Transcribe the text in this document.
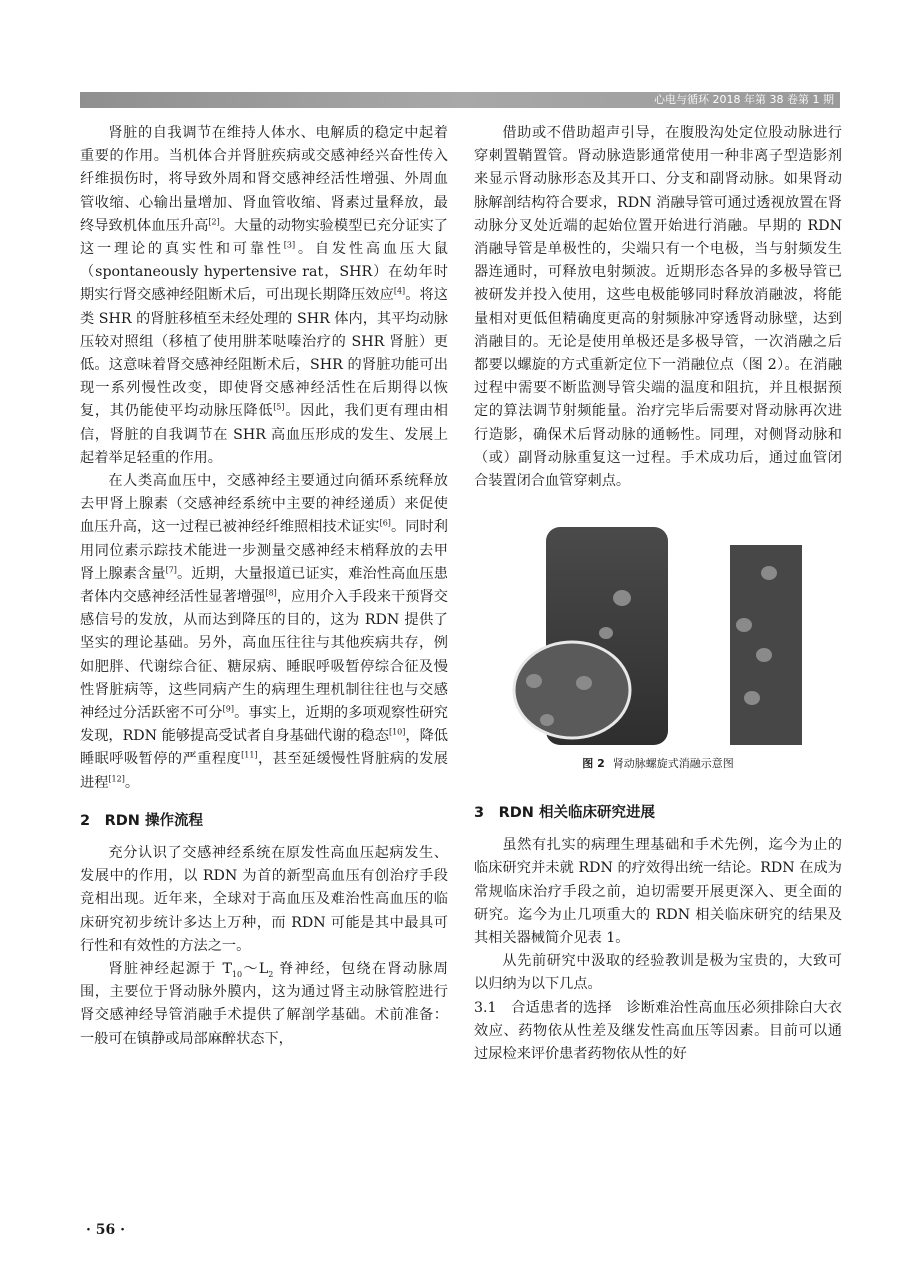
心电与循环 2018 年第 38 卷第 1 期

肾脏的自我调节在维持人体水、电解质的稳定中起着重要的作用。当机体合并肾脏疾病或交感神经兴奋性传入纤维损伤时，将导致外周和肾交感神经活性增强、外周血管收缩、心输出量增加、肾血管收缩、肾素过量释放，最终导致机体血压升高[2]。大量的动物实验模型已充分证实了这一理论的真实性和可靠性[3]。自发性高血压大鼠（spontaneously hypertensive rat，SHR）在幼年时期实行肾交感神经阻断术后，可出现长期降压效应[4]。将这类 SHR 的肾脏移植至未经处理的 SHR 体内，其平均动脉压较对照组（移植了使用肼苯哒嗪治疗的 SHR 肾脏）更低。这意味着肾交感神经阻断术后，SHR 的肾脏功能可出现一系列慢性改变，即使肾交感神经活性在后期得以恢复，其仍能使平均动脉压降低[5]。因此，我们更有理由相信，肾脏的自我调节在 SHR 高血压形成的发生、发展上起着举足轻重的作用。

在人类高血压中，交感神经主要通过向循环系统释放去甲肾上腺素（交感神经系统中主要的神经递质）来促使血压升高，这一过程已被神经纤维照相技术证实[6]。同时利用同位素示踪技术能进一步测量交感神经末梢释放的去甲肾上腺素含量[7]。近期，大量报道已证实，难治性高血压患者体内交感神经活性显著增强[8]，应用介入手段来干预肾交感信号的发放，从而达到降压的目的，这为 RDN 提供了坚实的理论基础。另外，高血压往往与其他疾病共存，例如肥胖、代谢综合征、糖尿病、睡眠呼吸暂停综合征及慢性肾脏病等，这些同病产生的病理生理机制往往也与交感神经过分活跃密不可分[9]。事实上，近期的多项观察性研究发现，RDN 能够提高受试者自身基础代谢的稳态[10]，降低睡眠呼吸暂停的严重程度[11]，甚至延缓慢性肾脏病的发展进程[12]。

2　RDN 操作流程

充分认识了交感神经系统在原发性高血压起病发生、发展中的作用，以 RDN 为首的新型高血压有创治疗手段竞相出现。近年来，全球对于高血压及难治性高血压的临床研究初步统计多达上万种，而 RDN 可能是其中最具可行性和有效性的方法之一。

肾脏神经起源于 $T_{10}\sim L_2$ 脊神经，包绕在肾动脉周围，主要位于肾动脉外膜内，这为通过肾主动脉管腔进行肾交感神经导管消融手术提供了解剖学基础。术前准备：一般可在镇静或局部麻醉状态下，

借助或不借助超声引导，在腹股沟处定位股动脉进行穿刺置鞘置管。肾动脉造影通常使用一种非离子型造影剂来显示肾动脉形态及其开口、分支和副肾动脉。如果肾动脉解剖结构符合要求，RDN 消融导管可通过透视放置在肾动脉分叉处近端的起始位置开始进行消融。早期的 RDN 消融导管是单极性的，尖端只有一个电极，当与射频发生器连通时，可释放电射频波。近期形态各异的多极导管已被研发并投入使用，这些电极能够同时释放消融波，将能量相对更低但精确度更高的射频脉冲穿透肾动脉壁，达到消融目的。无论是使用单极还是多极导管，一次消融之后都要以螺旋的方式重新定位下一消融位点（图 2）。在消融过程中需要不断监测导管尖端的温度和阻抗，并且根据预定的算法调节射频能量。治疗完毕后需要对肾动脉再次进行造影，确保术后肾动脉的通畅性。同理，对侧肾动脉和（或）副肾动脉重复这一过程。手术成功后，通过血管闭合装置闭合血管穿刺点。

图 2 肾动脉螺旋式消融示意图
3　RDN 相关临床研究进展

虽然有扎实的病理生理基础和手术先例，迄今为止的临床研究并未就 RDN 的疗效得出统一结论。RDN 在成为常规临床治疗手段之前，迫切需要开展更深入、更全面的研究。迄今为止几项重大的 RDN 相关临床研究的结果及其相关器械简介见表 1。

从先前研究中汲取的经验教训是极为宝贵的，大致可以归纳为以下几点。

3.1　合适患者的选择　诊断难治性高血压必须排除白大衣效应、药物依从性差及继发性高血压等因素。目前可以通过尿检来评价患者药物依从性的好

· 56 ·
